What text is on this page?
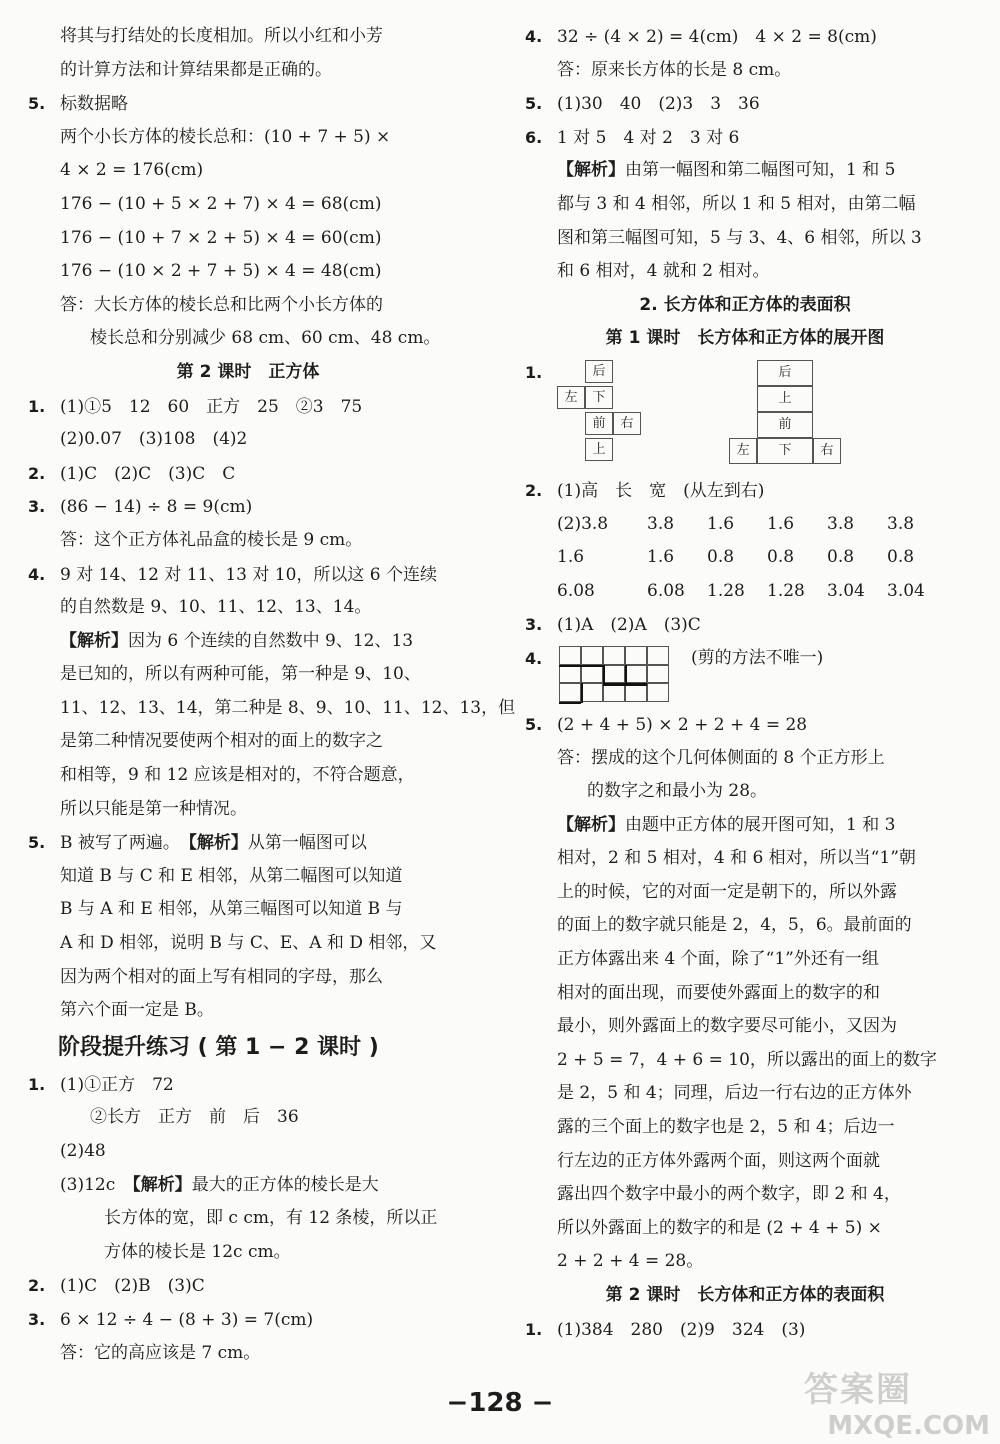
将其与打结处的长度相加。所以小红和小芳
的计算方法和计算结果都是正确的。
5. 标数据略
两个小长方体的棱长总和：(10 + 7 + 5) ×
4 × 2 = 176(cm)
176 − (10 + 5 × 2 + 7) × 4 = 68(cm)
176 − (10 + 7 × 2 + 5) × 4 = 60(cm)
176 − (10 × 2 + 7 + 5) × 4 = 48(cm)
答：大长方体的棱长总和比两个小长方体的
棱长总和分别减少 68 cm、60 cm、48 cm。
第 2 课时　正方体
1. (1)①5　12　60　正方　25　②3　75
(2)0.07　(3)108　(4)2
2. (1)C　(2)C　(3)C　C
3. (86 − 14) ÷ 8 = 9(cm)
答：这个正方体礼品盒的棱长是 9 cm。
4. 9 对 14、12 对 11、13 对 10，所以这 6 个连续
的自然数是 9、10、11、12、13、14。
【解析】因为 6 个连续的自然数中 9、12、13
是已知的，所以有两种可能，第一种是 9、10、
11、12、13、14，第二种是 8、9、10、11、12、13，但
是第二种情况要使两个相对的面上的数字之
和相等，9 和 12 应该是相对的，不符合题意，
所以只能是第一种情况。
5. B 被写了两遍。　【解析】从第一幅图可以
知道 B 与 C 和 E 相邻，从第二幅图可以知道
B 与 A 和 E 相邻，从第三幅图可以知道 B 与
A 和 D 相邻，说明 B 与 C、E、A 和 D 相邻，又
因为两个相对的面上写有相同的字母，那么
第六个面一定是 B。
阶段提升练习 ( 第 1 − 2 课时 )
1. (1)①正方　72
②长方　正方　前　后　36
(2)48
(3)12c　【解析】最大的正方体的棱长是大
长方体的宽，即 c cm，有 12 条棱，所以正
方体的棱长是 12c cm。
2. (1)C　(2)B　(3)C
3. 6 × 12 ÷ 4 − (8 + 3) = 7(cm)
答：它的高应该是 7 cm。
4. 32 ÷ (4 × 2) = 4(cm)　4 × 2 = 8(cm)
答：原来长方体的长是 8 cm。
5. (1)30　40　(2)3　3　36
6. 1 对 5　4 对 2　3 对 6
【解析】由第一幅图和第二幅图可知，1 和 5
都与 3 和 4 相邻，所以 1 和 5 相对，由第二幅
图和第三幅图可知，5 与 3、4、6 相邻，所以 3
和 6 相对，4 就和 2 相对。
2. 长方体和正方体的表面积
第 1 课时　长方体和正方体的展开图
1.	后
左	下
前	右
上
后
上
前
左	下	右
2. (1)高　长　宽　(从左到右)
(2)3.8 3.8 1.6 1.6 3.8 3.8
1.6	1.6 0.8 0.8 0.8 0.8
6.08	6.08 1.28 1.28 3.04 3.04
3. (1)A　(2)A　(3)C
4.	(剪的方法不唯一)
5. (2 + 4 + 5) × 2 + 2 + 4 = 28
答：摆成的这个几何体侧面的 8 个正方形上
的数字之和最小为 28。
【解析】由题中正方体的展开图可知，1 和 3
相对，2 和 5 相对，4 和 6 相对，所以当“1”朝
上的时候，它的对面一定是朝下的，所以外露
的面上的数字就只能是 2，4，5，6。最前面的
正方体露出来 4 个面，除了“1”外还有一组
相对的面出现，而要使外露面上的数字的和
最小，则外露面上的数字要尽可能小，又因为
2 + 5 = 7，4 + 6 = 10，所以露出的面上的数字
是 2，5 和 4；同理，后边一行右边的正方体外
露的三个面上的数字也是 2，5 和 4；后边一
行左边的正方体外露两个面，则这两个面就
露出四个数字中最小的两个数字，即 2 和 4，
所以外露面上的数字的和是 (2 + 4 + 5) ×
2 + 2 + 4 = 28。
第 2 课时　长方体和正方体的表面积
1. (1)384　280　(2)9　324　(3)
−128 −	答案圈
MXQE.COM
